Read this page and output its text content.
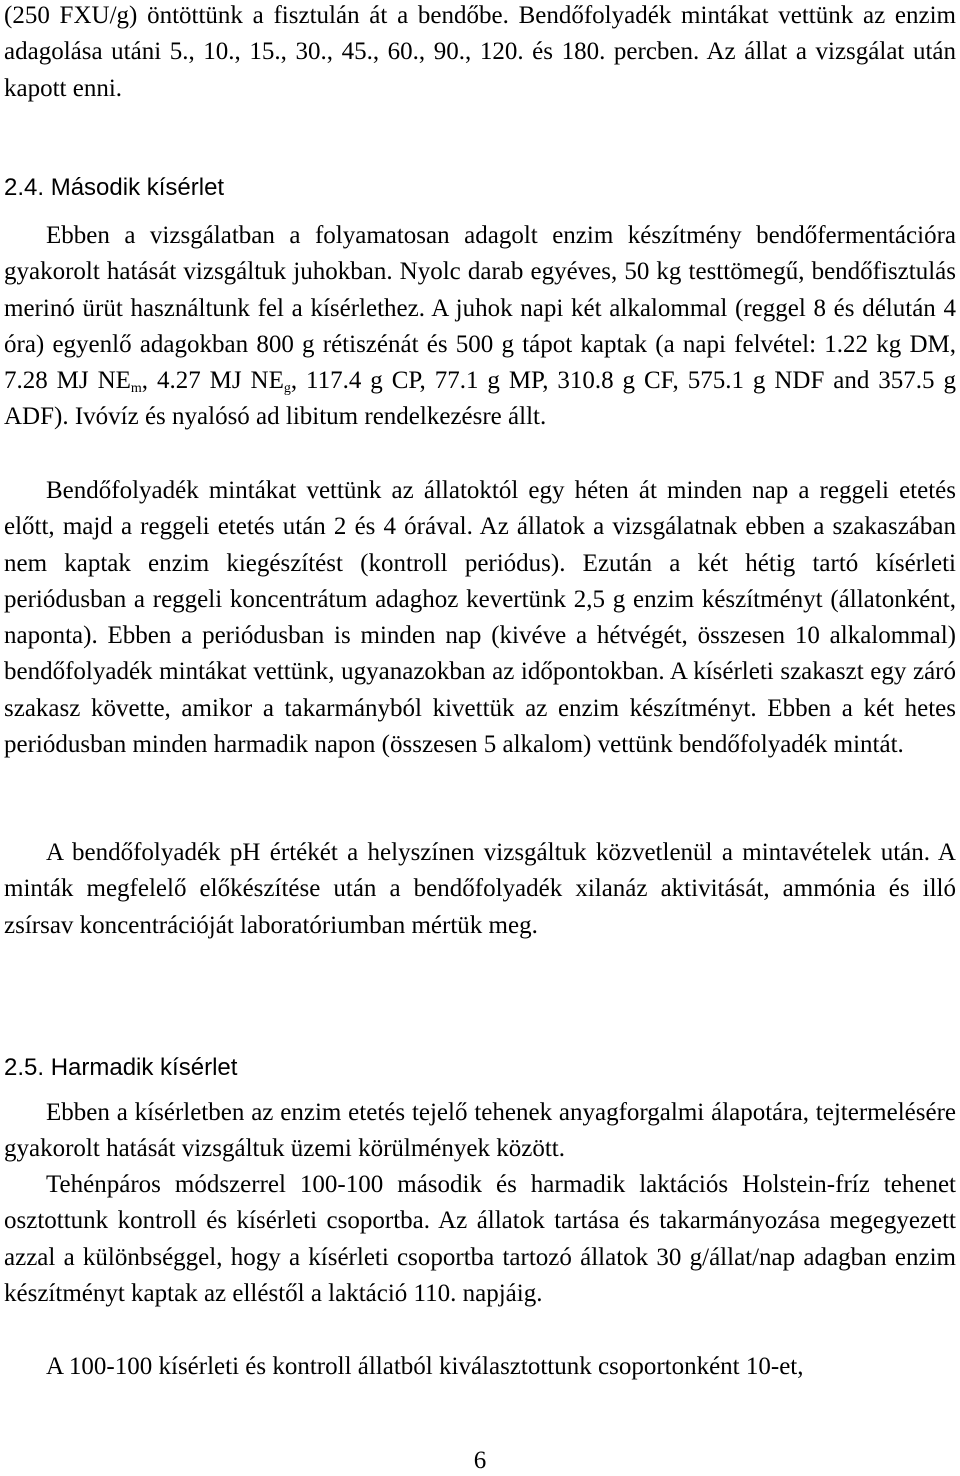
(250 FXU/g) öntöttünk a fisztulán át a bendőbe. Bendőfolyadék mintákat vettünk az enzim adagolása utáni 5., 10., 15., 30., 45., 60., 90., 120. és 180. percben. Az állat a vizsgálat után kapott enni.

2.4. Második kísérlet

Ebben a vizsgálatban a folyamatosan adagolt enzim készítmény bendőfermentációra gyakorolt hatását vizsgáltuk juhokban. Nyolc darab egyéves, 50 kg testtömegű, bendőfisztulás merinó ürüt használtunk fel a kísérlethez. A juhok napi két alkalommal (reggel 8 és délután 4 óra) egyenlő adagokban 800 g rétiszénát és 500 g tápot kaptak (a napi felvétel: 1.22 kg DM, 7.28 MJ $NE_m$, 4.27 MJ $NE_g$, 117.4 g CP, 77.1 g MP, 310.8 g CF, 575.1 g NDF and 357.5 g ADF). Ivóvíz és nyalósó ad libitum rendelkezésre állt.

Bendőfolyadék mintákat vettünk az állatoktól egy héten át minden nap a reggeli etetés előtt, majd a reggeli etetés után 2 és 4 órával. Az állatok a vizsgálatnak ebben a szakaszában nem kaptak enzim kiegészítést (kontroll periódus). Ezután a két hétig tartó kísérleti periódusban a reggeli koncentrátum adaghoz kevertünk 2,5 g enzim készítményt (állatonként, naponta). Ebben a periódusban is minden nap (kivéve a hétvégét, összesen 10 alkalommal) bendőfolyadék mintákat vettünk, ugyanazokban az időpontokban. A kísérleti szakaszt egy záró szakasz követte, amikor a takarmányból kivettük az enzim készítményt. Ebben a két hetes periódusban minden harmadik napon (összesen 5 alkalom) vettünk bendőfolyadék mintát.

A bendőfolyadék pH értékét a helyszínen vizsgáltuk közvetlenül a mintavételek után. A minták megfelelő előkészítése után a bendőfolyadék xilanáz aktivitását, ammónia és illó zsírsav koncentrációját laboratóriumban mértük meg.

2.5. Harmadik kísérlet

Ebben a kísérletben az enzim etetés tejelő tehenek anyagforgalmi álapotára, tejtermelésére gyakorolt hatását vizsgáltuk üzemi körülmények között.

Tehénpáros módszerrel 100-100 második és harmadik laktációs Holstein-fríz tehenet osztottunk kontroll és kísérleti csoportba. Az állatok tartása és takarmányozása megegyezett azzal a különbséggel, hogy a kísérleti csoportba tartozó állatok 30 g/állat/nap adagban enzim készítményt kaptak az elléstől a laktáció 110. napjáig.

A 100-100 kísérleti és kontroll állatból kiválasztottunk csoportonként 10-et,

6
